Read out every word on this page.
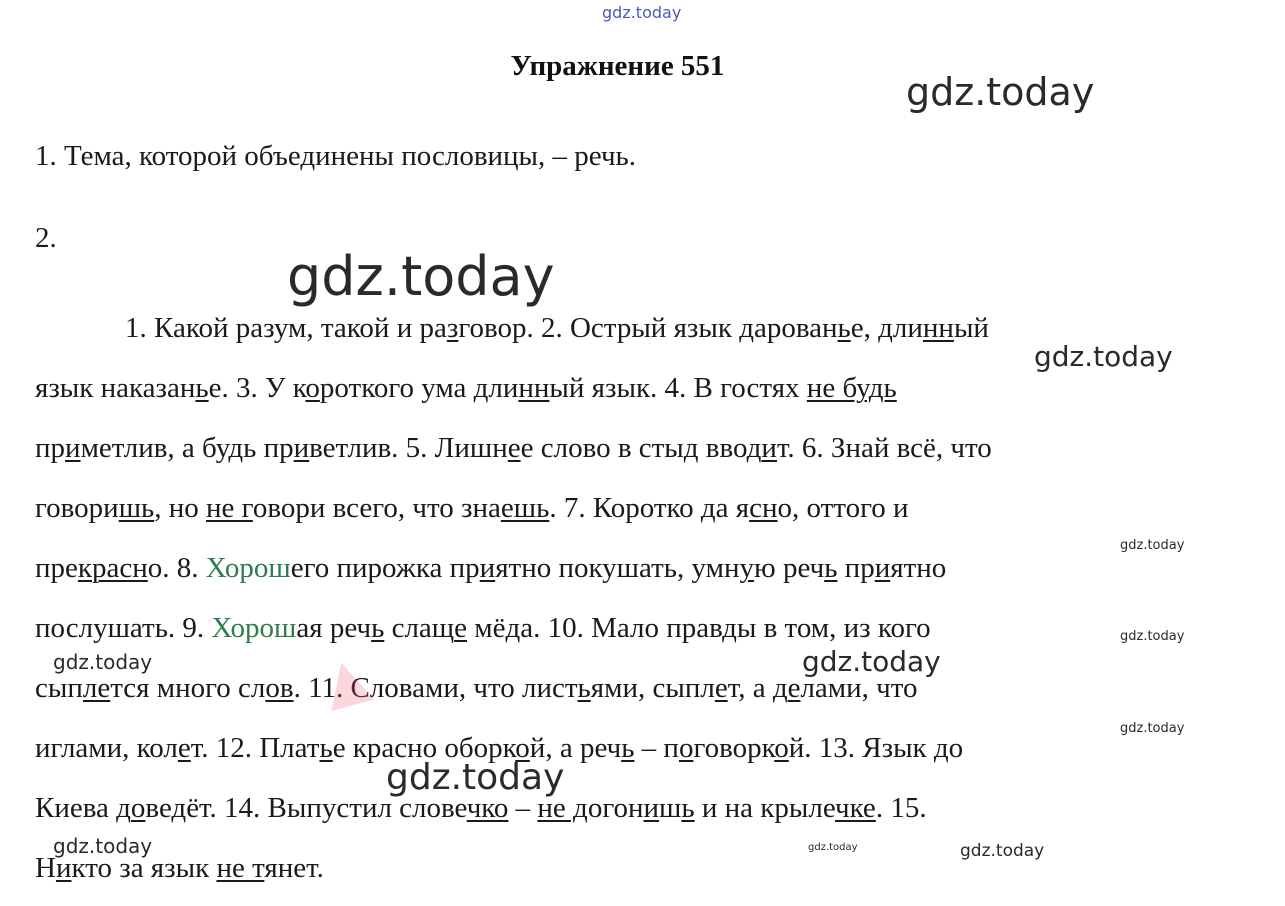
gdz.today
Упражнение 551
gdz.today
1. Тема, которой объединены пословицы, – речь.
2.
gdz.today
1. Какой разум, такой и разговор. 2. Острый язык дарованье, длинный
язык наказанье. 3. У короткого ума длинный язык. 4. В гостях не будь
приметлив, а будь приветлив. 5. Лишнее слово в стыд вводит. 6. Знай всё, что
говоришь, но не говори всего, что знаешь. 7. Коротко да ясно, оттого и
прекрасно. 8. Хорошего пирожка приятно покушать, умную речь приятно
послушать. 9. Хорошая речь слаще мёда. 10. Мало правды в том, из кого
сыплется много слов. 11. Словами, что листьями, сыплет, а делами, что
иглами, колет. 12. Платье красно оборкой, а речь – поговоркой. 13. Язык до
Киева доведёт. 14. Выпустил словечко – не догонишь и на крылечке. 15.
Никто за язык не тянет.
gdz.today
gdz.today
gdz.today
gdz.today	gdz.today
gdz.today
gdz.today
gdz.today	gdz.today	gdz.today
